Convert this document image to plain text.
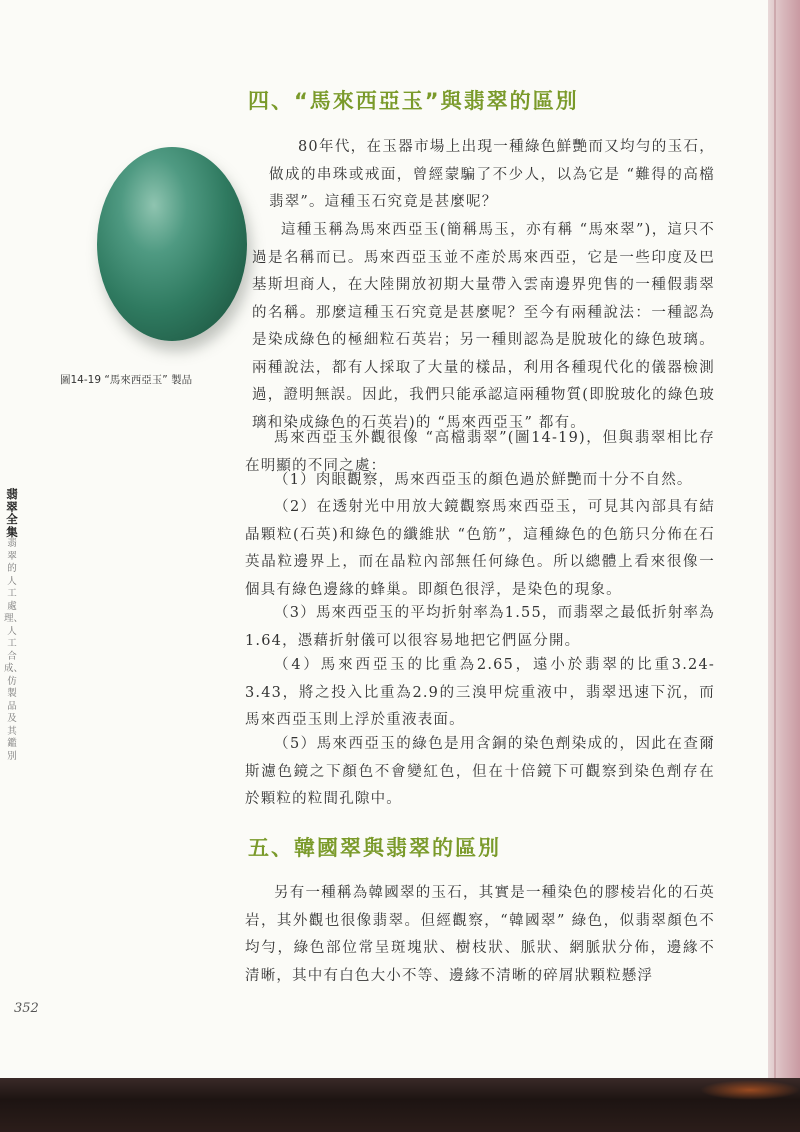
四、“馬來西亞玉”與翡翠的區別

圖14-19 “馬來西亞玉” 製品

80年代，在玉器市場上出現一種綠色鮮艷而又均勻的玉石，做成的串珠或戒面，曾經蒙騙了不少人，以為它是 “難得的高檔翡翠”。這種玉石究竟是甚麼呢？

這種玉稱為馬來西亞玉(簡稱馬玉，亦有稱 “馬來翠”)，這只不過是名稱而已。馬來西亞玉並不產於馬來西亞，它是一些印度及巴基斯坦商人，在大陸開放初期大量帶入雲南邊界兜售的一種假翡翠的名稱。那麼這種玉石究竟是甚麼呢？至今有兩種說法：一種認為是染成綠色的極細粒石英岩；另一種則認為是脫玻化的綠色玻璃。兩種說法，都有人採取了大量的樣品，利用各種現代化的儀器檢測過，證明無誤。因此，我們只能承認這兩種物質(即脫玻化的綠色玻璃和染成綠色的石英岩)的 “馬來西亞玉” 都有。

馬來西亞玉外觀很像 “高檔翡翠”(圖14-19)，但與翡翠相比存在明顯的不同之處：

（1）肉眼觀察，馬來西亞玉的顏色過於鮮艷而十分不自然。

（2）在透射光中用放大鏡觀察馬來西亞玉，可見其內部具有結晶顆粒(石英)和綠色的纖維狀 “色筋”，這種綠色的色筋只分佈在石英晶粒邊界上，而在晶粒內部無任何綠色。所以總體上看來很像一個具有綠色邊緣的蜂巢。即顏色很浮，是染色的現象。

（3）馬來西亞玉的平均折射率為1.55，而翡翠之最低折射率為1.64，憑藉折射儀可以很容易地把它們區分開。

（4）馬來西亞玉的比重為2.65，遠小於翡翠的比重3.24-3.43，將之投入比重為2.9的三溴甲烷重液中，翡翠迅速下沉，而馬來西亞玉則上浮於重液表面。

（5）馬來西亞玉的綠色是用含銅的染色劑染成的，因此在查爾斯濾色鏡之下顏色不會變紅色，但在十倍鏡下可觀察到染色劑存在於顆粒的粒間孔隙中。

五、韓國翠與翡翠的區別

另有一種稱為韓國翠的玉石，其實是一種染色的膠棱岩化的石英岩，其外觀也很像翡翠。但經觀察，“韓國翠” 綠色，似翡翠顏色不均勻，綠色部位常呈斑塊狀、樹枝狀、脈狀、網脈狀分佈，邊緣不清晰，其中有白色大小不等、邊緣不清晰的碎屑狀顆粒懸浮

翡翠全集
翡翠的人工處理、人工合成、仿製品及其鑑別

352
